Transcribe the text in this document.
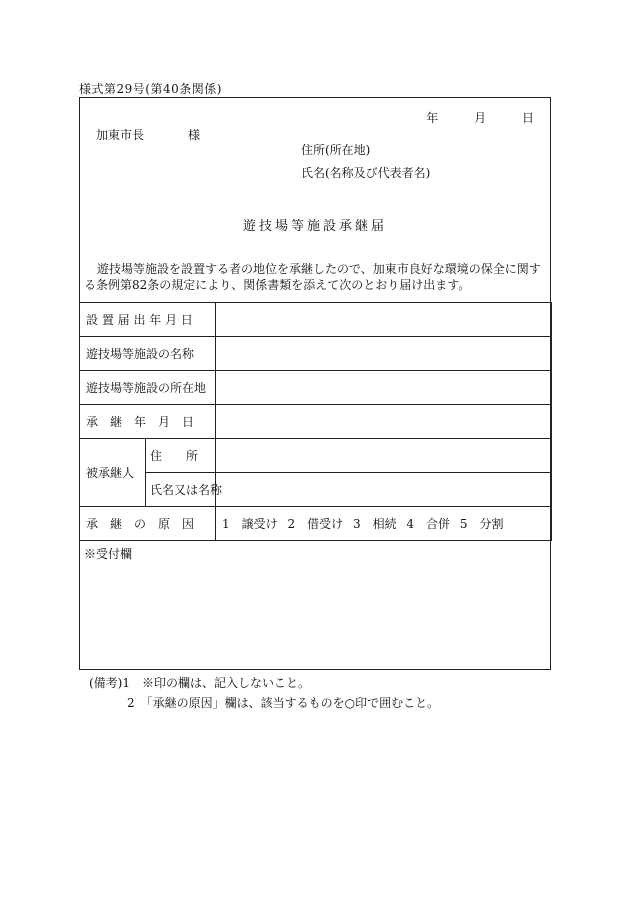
様式第29号(第40条関係)
年	月	日
加東市長	様
住所(所在地)
氏名(名称及び代表者名)
遊技場等施設承継届
遊技場等施設を設置する者の地位を承継したので、加東市良好な環境の保全に関する条例第82条の規定により、関係書類を添えて次のとおり届け出ます。
設 置 届 出 年 月 日		
遊技場等施設の名称		
遊技場等施設の所在地		
承　継　年　月　日		
被承継人	住　　所	
	氏名又は名称	
承　継　の　原　因		1　譲受け 2　借受け 3　相続 4　合併 5　分割
※受付欄
(備考)1　※印の欄は、記入しないこと。
2　「承継の原因」欄は、該当するものを○印で囲むこと。
